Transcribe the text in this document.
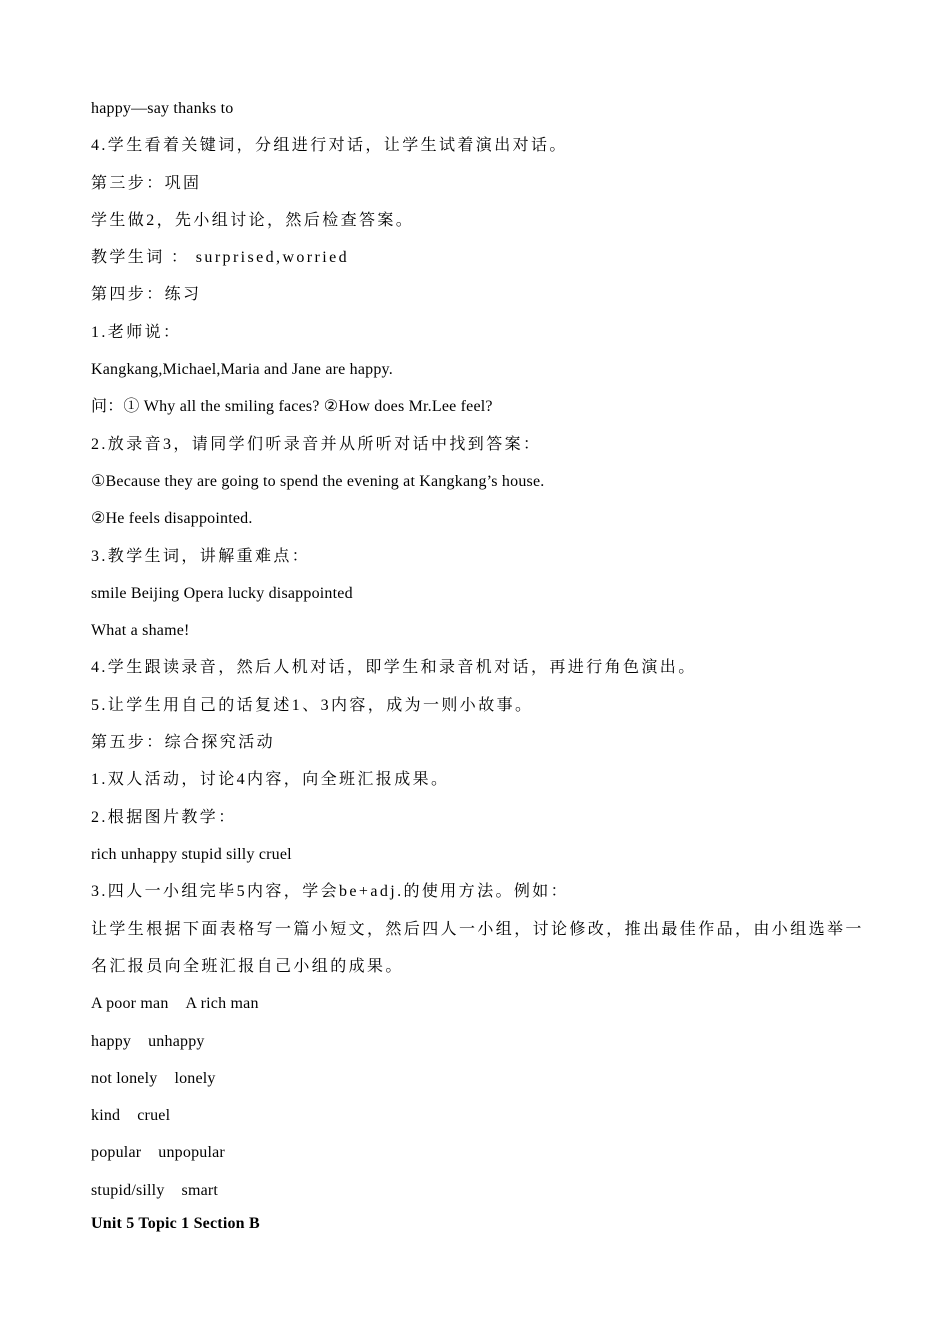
happy—say thanks to
4.学生看着关键词，分组进行对话，让学生试着演出对话。
第三步：巩固
学生做2，先小组讨论，然后检查答案。
教学生词 ： surprised,worried
第四步：练习
1.老师说：
Kangkang,Michael,Maria and Jane are happy.
问：① Why all the smiling faces? ②How does Mr.Lee feel?
2.放录音3，请同学们听录音并从所听对话中找到答案：
①Because they are going to spend the evening at Kangkang’s house.
②He feels disappointed.
3.教学生词，讲解重难点：
smile Beijing Opera lucky disappointed
What a shame!
4.学生跟读录音，然后人机对话，即学生和录音机对话，再进行角色演出。
5.让学生用自己的话复述1、3内容，成为一则小故事。
第五步：综合探究活动
1.双人活动，讨论4内容，向全班汇报成果。
2.根据图片教学：
rich unhappy stupid silly cruel
3.四人一小组完毕5内容，学会be+adj.的使用方法。例如：
让学生根据下面表格写一篇小短文，然后四人一小组，讨论修改，推出最佳作品，由小组选举一名汇报员向全班汇报自己小组的成果。
A poor man A rich man
happy unhappy
not lonely lonely
kind cruel
popular unpopular
stupid/silly smart
Unit 5 Topic 1 Section B
